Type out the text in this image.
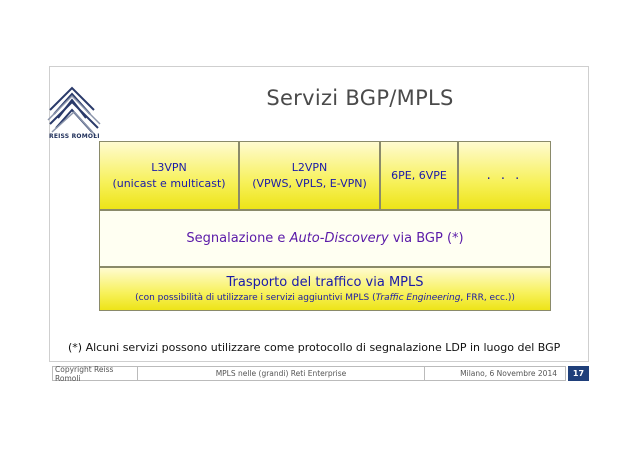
REISS ROMOLI
Servizi BGP/MPLS
L3VPN
(unicast e multicast)
L2VPN
(VPWS, VPLS, E-VPN)
6PE, 6VPE	. . .
Segnalazione e Auto-Discovery via BGP (*)
Trasporto del traffico via MPLS
(con possibilità di utilizzare i servizi aggiuntivi MPLS (Traffic Engineering, FRR, ecc.))
(*) Alcuni servizi possono utilizzare come protocollo di segnalazione LDP in luogo del BGP
Copyright Reiss Romoli	MPLS nelle (grandi) Reti Enterprise	Milano, 6 Novembre 2014	17
